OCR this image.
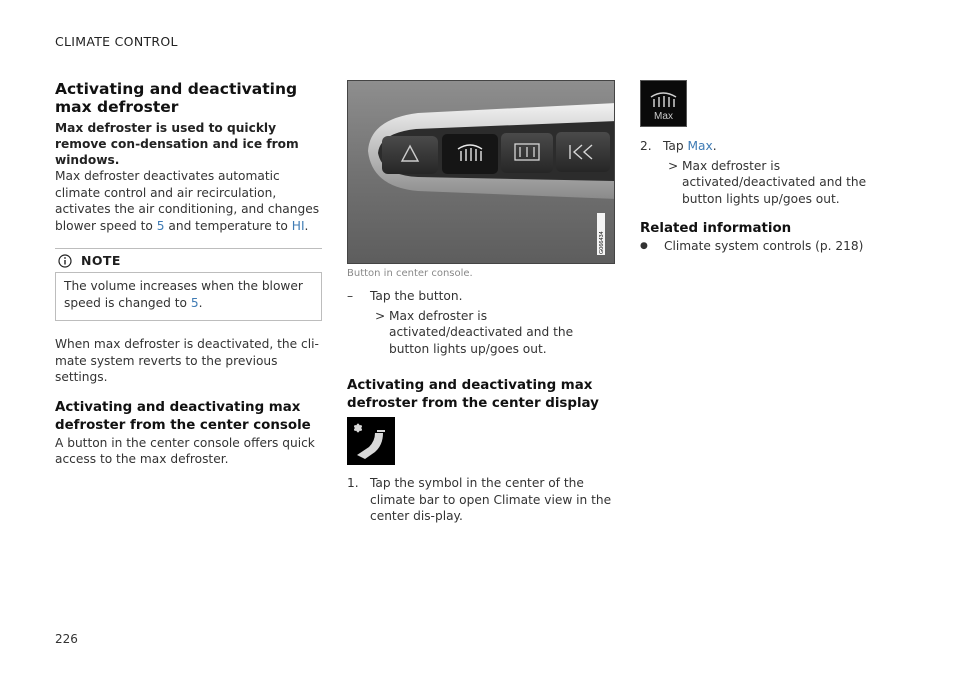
CLIMATE CONTROL
Activating and deactivating max defroster
Max defroster is used to quickly remove con-densation and ice from windows.
Max defroster deactivates automatic climate control and air recirculation, activates the air conditioning, and changes blower speed to 5 and temperature to HI.
NOTE
The volume increases when the blower speed is changed to 5.
When max defroster is deactivated, the cli-mate system reverts to the previous settings.
Activating and deactivating max defroster from the center console
A button in the center console offers quick access to the max defroster.
G066434
Button in center console.
–	Tap the button.
> Max defroster is activated/deactivated and the button lights up/goes out.
Activating and deactivating max defroster from the center display
1. Tap the symbol in the center of the climate bar to open Climate view in the center dis-play.
Max
2. Tap Max.
> Max defroster is activated/deactivated and the button lights up/goes out.
Related information
●	Climate system controls (p. 218)
226
